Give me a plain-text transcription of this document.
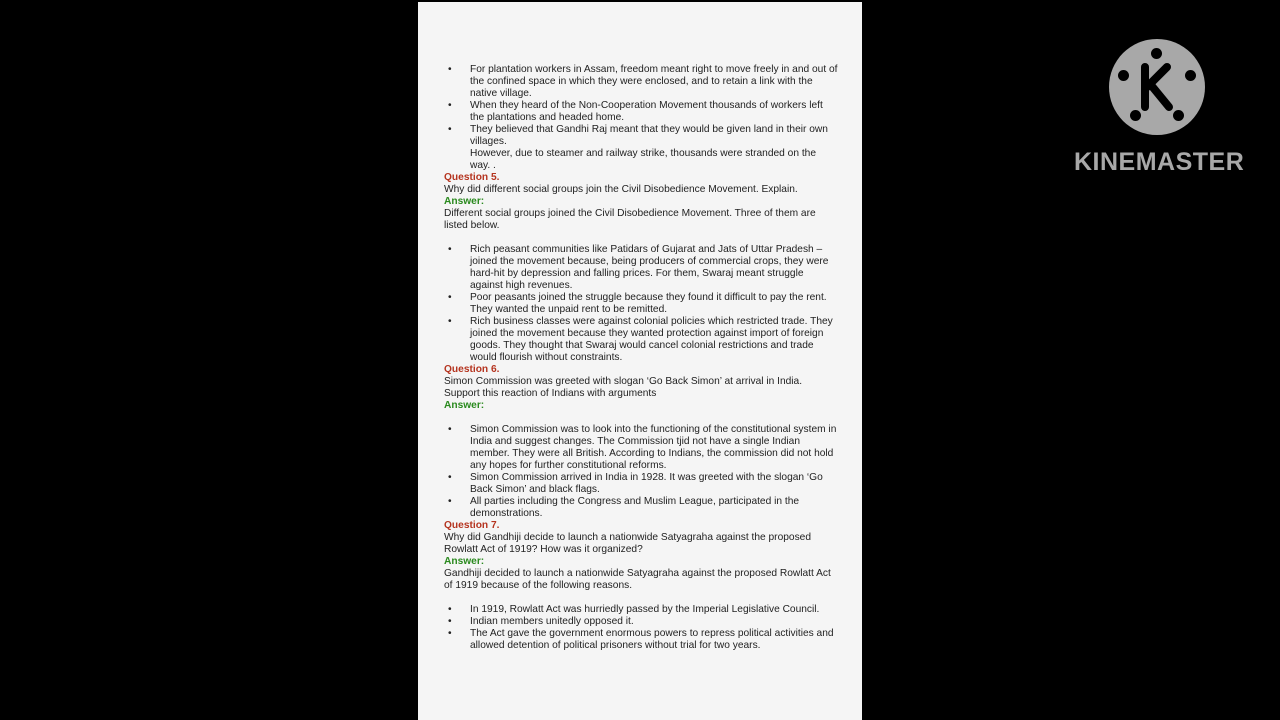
• For plantation workers in Assam, freedom meant right to move freely in and out of the confined space in which they were enclosed, and to retain a link with the native village.
• When they heard of the Non-Cooperation Movement thousands of workers left the plantations and headed home.
• They believed that Gandhi Raj meant that they would be given land in their own villages.
However, due to steamer and railway strike, thousands were stranded on the way. .
Question 5.
Why did different social groups join the Civil Disobedience Movement. Explain.
Answer:
Different social groups joined the Civil Disobedience Movement. Three of them are listed below.
• Rich peasant communities like Patidars of Gujarat and Jats of Uttar Pradesh – joined the movement because, being producers of commercial crops, they were hard-hit by depression and falling prices. For them, Swaraj meant struggle against high revenues.
• Poor peasants joined the struggle because they found it difficult to pay the rent. They wanted the unpaid rent to be remitted.
• Rich business classes were against colonial policies which restricted trade. They joined the movement because they wanted protection against import of foreign goods. They thought that Swaraj would cancel colonial restrictions and trade would flourish without constraints.
Question 6.
Simon Commission was greeted with slogan ‘Go Back Simon’ at arrival in India. Support this reaction of Indians with arguments
Answer:
• Simon Commission was to look into the functioning of the constitutional system in India and suggest changes. The Commission tjid not have a single Indian member. They were all British. According to Indians, the commission did not hold any hopes for further constitutional reforms.
• Simon Commission arrived in India in 1928. It was greeted with the slogan ‘Go Back Simon’ and black flags.
• All parties including the Congress and Muslim League, participated in the demonstrations.
Question 7.
Why did Gandhiji decide to launch a nationwide Satyagraha against the proposed Rowlatt Act of 1919? How was it organized?
Answer:
Gandhiji decided to launch a nationwide Satyagraha against the proposed Rowlatt Act of 1919 because of the following reasons.
• In 1919, Rowlatt Act was hurriedly passed by the Imperial Legislative Council.
• Indian members unitedly opposed it.
• The Act gave the government enormous powers to repress political activities and allowed detention of political prisoners without trial for two years.
KINEMASTER
